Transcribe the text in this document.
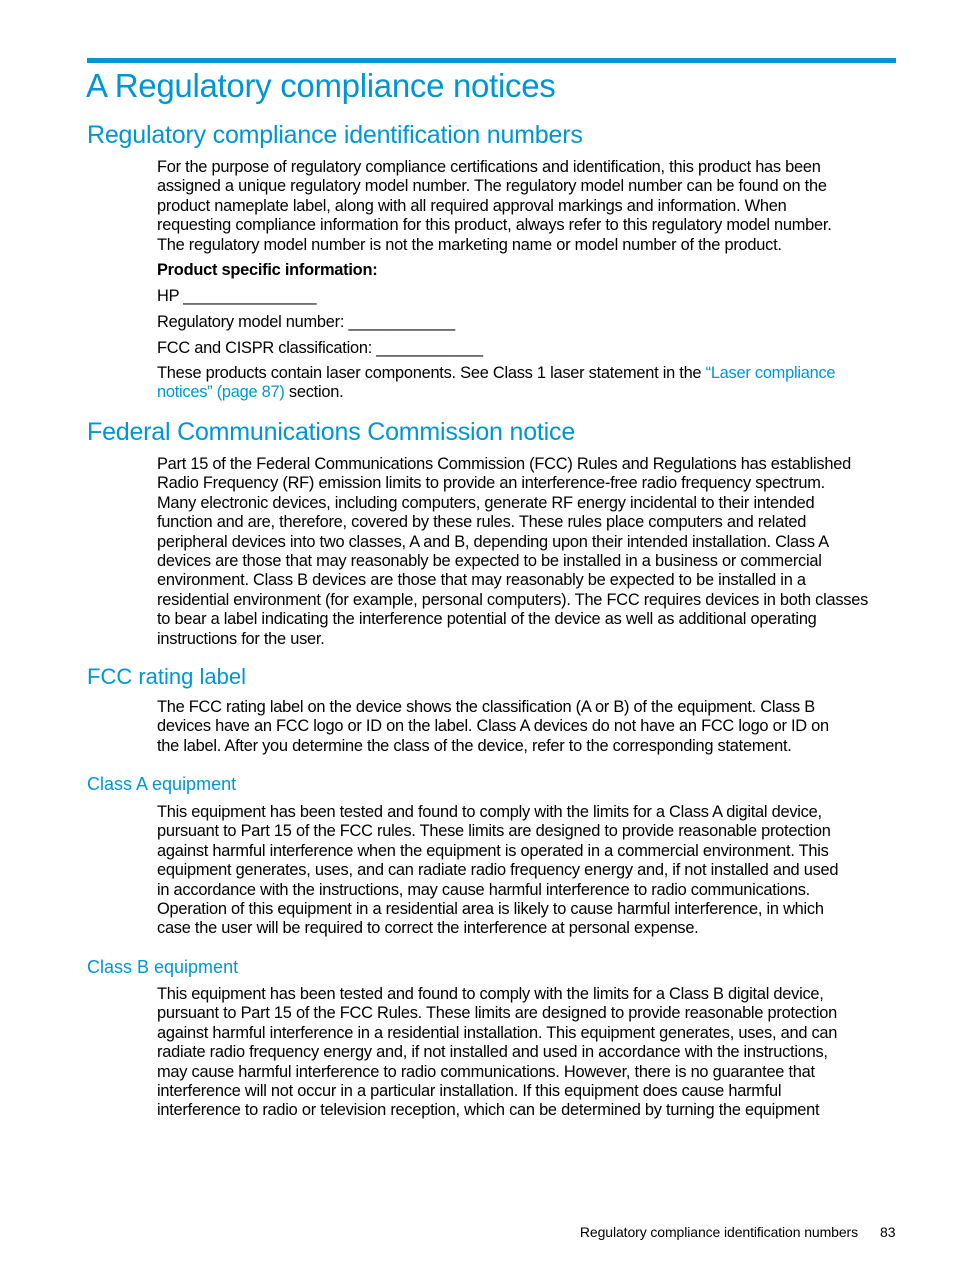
A Regulatory compliance notices
Regulatory compliance identification numbers
For the purpose of regulatory compliance certifications and identification, this product has been
assigned a unique regulatory model number. The regulatory model number can be found on the
product nameplate label, along with all required approval markings and information. When
requesting compliance information for this product, always refer to this regulatory model number.
The regulatory model number is not the marketing name or model number of the product.
Product specific information:
HP _______________
Regulatory model number: ____________
FCC and CISPR classification: ____________
These products contain laser components. See Class 1 laser statement in the “Laser compliance
notices” (page 87) section.
Federal Communications Commission notice
Part 15 of the Federal Communications Commission (FCC) Rules and Regulations has established
Radio Frequency (RF) emission limits to provide an interference-free radio frequency spectrum.
Many electronic devices, including computers, generate RF energy incidental to their intended
function and are, therefore, covered by these rules. These rules place computers and related
peripheral devices into two classes, A and B, depending upon their intended installation. Class A
devices are those that may reasonably be expected to be installed in a business or commercial
environment. Class B devices are those that may reasonably be expected to be installed in a
residential environment (for example, personal computers). The FCC requires devices in both classes
to bear a label indicating the interference potential of the device as well as additional operating
instructions for the user.
FCC rating label
The FCC rating label on the device shows the classification (A or B) of the equipment. Class B
devices have an FCC logo or ID on the label. Class A devices do not have an FCC logo or ID on
the label. After you determine the class of the device, refer to the corresponding statement.
Class A equipment
This equipment has been tested and found to comply with the limits for a Class A digital device,
pursuant to Part 15 of the FCC rules. These limits are designed to provide reasonable protection
against harmful interference when the equipment is operated in a commercial environment. This
equipment generates, uses, and can radiate radio frequency energy and, if not installed and used
in accordance with the instructions, may cause harmful interference to radio communications.
Operation of this equipment in a residential area is likely to cause harmful interference, in which
case the user will be required to correct the interference at personal expense.
Class B equipment
This equipment has been tested and found to comply with the limits for a Class B digital device,
pursuant to Part 15 of the FCC Rules. These limits are designed to provide reasonable protection
against harmful interference in a residential installation. This equipment generates, uses, and can
radiate radio frequency energy and, if not installed and used in accordance with the instructions,
may cause harmful interference to radio communications. However, there is no guarantee that
interference will not occur in a particular installation. If this equipment does cause harmful
interference to radio or television reception, which can be determined by turning the equipment
Regulatory compliance identification numbers 83
